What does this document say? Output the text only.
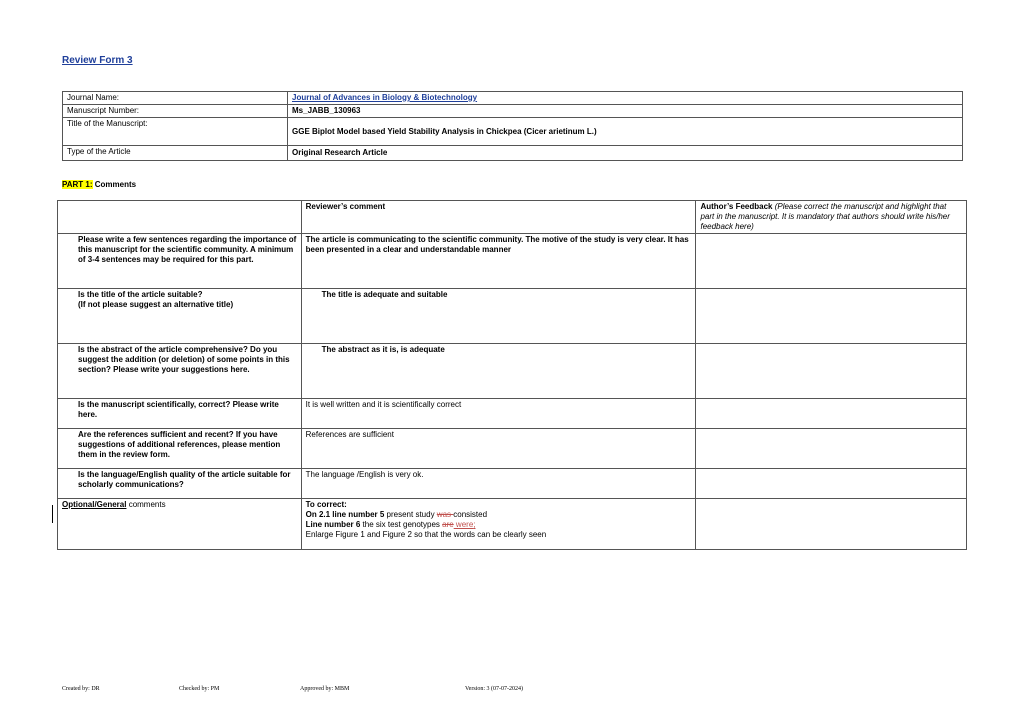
Review Form 3
Journal Name:	Journal of Advances in Biology & Biotechnology
Manuscript Number:	Ms_JABB_130963
Title of the Manuscript:	GGE Biplot Model based Yield Stability Analysis in Chickpea (Cicer arietinum L.)
Type of the Article	Original Research Article
PART 1: Comments
	Reviewer’s comment	Author’s Feedback (Please correct the manuscript and highlight that part in the manuscript. It is mandatory that authors should write his/her feedback here)
Please write a few sentences regarding the importance of this manuscript for the scientific community. A minimum of 3-4 sentences may be required for this part.	The article is communicating to the scientific community. The motive of the study is very clear. It has been presented in a clear and understandable manner	
Is the title of the article suitable?
(If not please suggest an alternative title)	The title is adequate and suitable	
Is the abstract of the article comprehensive? Do you suggest the addition (or deletion) of some points in this section? Please write your suggestions here.	The abstract as it is, is adequate	
Is the manuscript scientifically, correct? Please write here.	It is well written and it is scientifically correct	
Are the references sufficient and recent? If you have suggestions of additional references, please mention them in the review form.	References are sufficient	
Is the language/English quality of the article suitable for scholarly communications?	The language /English is very ok.	
Optional/General comments	To correct:
On 2.1 line number 5 present study was consisted
Line number 6 the six test genotypes are were;
Enlarge Figure 1 and Figure 2 so that the words can be clearly seen	

Created by: DR	Checked by: PM	Approved by: MBM	Version: 3 (07-07-2024)
